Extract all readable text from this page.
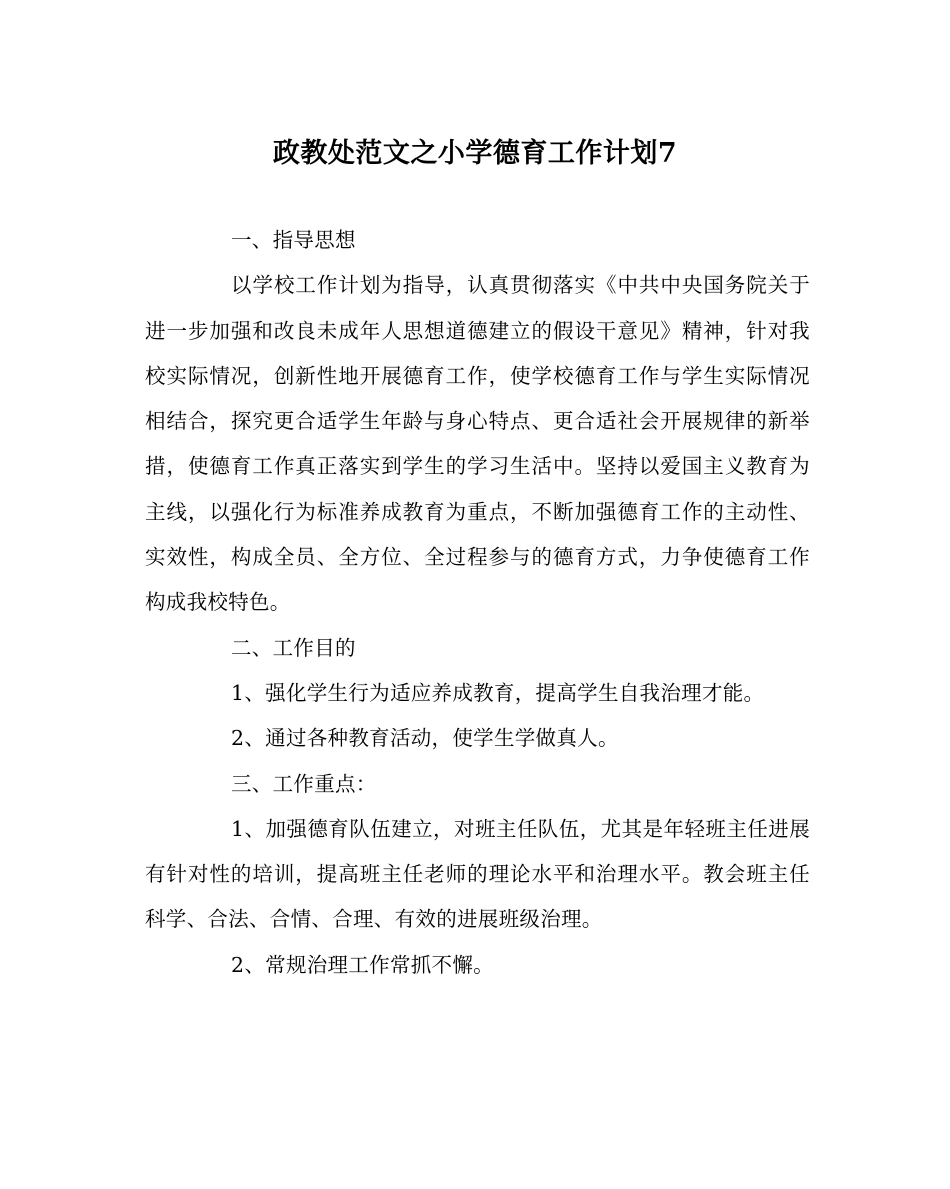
政教处范文之小学德育工作计划7

一、指导思想

以学校工作计划为指导，认真贯彻落实《中共中央国务院关于进一步加强和改良未成年人思想道德建立的假设干意见》精神，针对我校实际情况，创新性地开展德育工作，使学校德育工作与学生实际情况相结合，探究更合适学生年龄与身心特点、更合适社会开展规律的新举措，使德育工作真正落实到学生的学习生活中。坚持以爱国主义教育为主线，以强化行为标准养成教育为重点，不断加强德育工作的主动性、实效性，构成全员、全方位、全过程参与的德育方式，力争使德育工作构成我校特色。

二、工作目的

1、强化学生行为适应养成教育，提高学生自我治理才能。

2、通过各种教育活动，使学生学做真人。

三、工作重点：

1、加强德育队伍建立，对班主任队伍，尤其是年轻班主任进展有针对性的培训，提高班主任老师的理论水平和治理水平。教会班主任科学、合法、合情、合理、有效的进展班级治理。

2、常规治理工作常抓不懈。
